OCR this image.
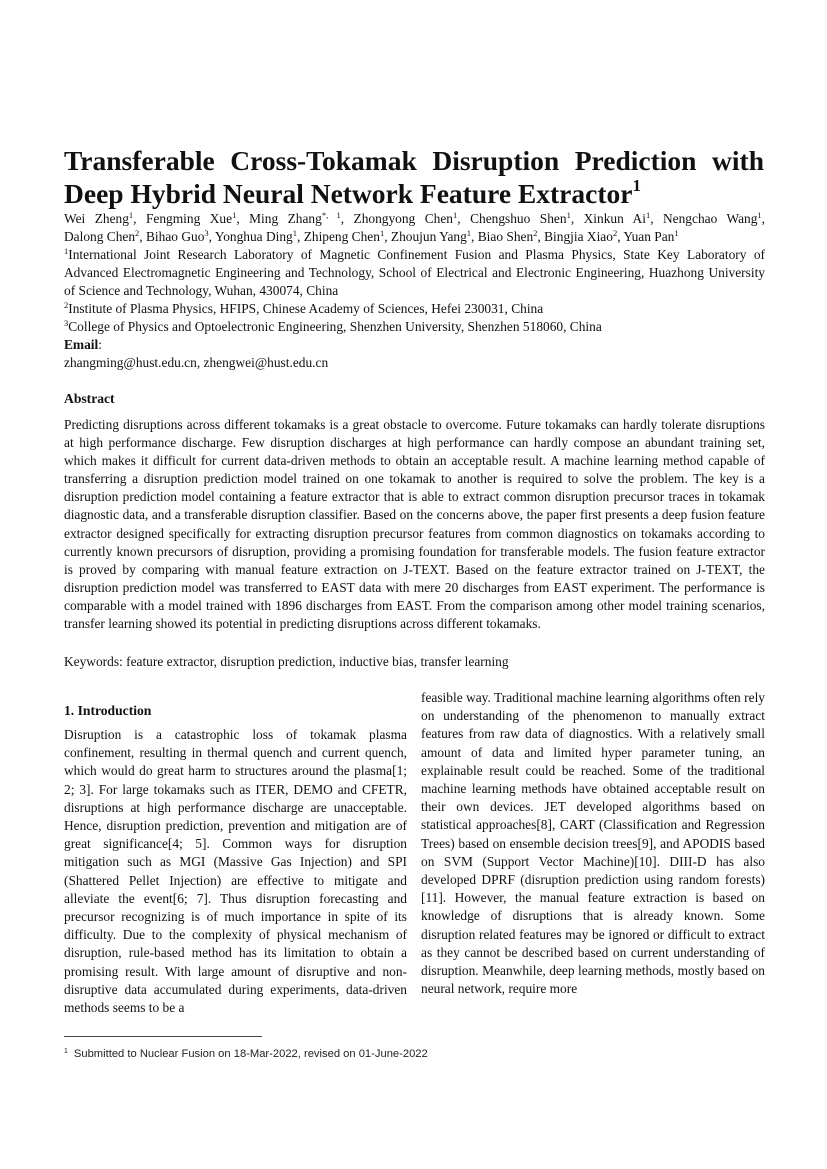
Transferable Cross-Tokamak Disruption Prediction with
Deep Hybrid Neural Network Feature Extractor$^1$

Wei Zheng$^1$, Fengming Xue$^1$, Ming Zhang$^{*, 1}$, Zhongyong Chen$^1$, Chengshuo Shen$^1$, Xinkun Ai$^1$, Nengchao Wang$^1$,

Dalong Chen$^2$, Bihao Guo$^3$, Yonghua Ding$^1$, Zhipeng Chen$^1$, Zhoujun Yang$^1$, Biao Shen$^2$, Bingjia Xiao$^2$, Yuan Pan$^1$

$^1$International Joint Research Laboratory of Magnetic Confinement Fusion and Plasma Physics, State Key Laboratory of Advanced Electromagnetic Engineering and Technology, School of Electrical and Electronic Engineering, Huazhong University of Science and Technology, Wuhan, 430074, China

$^2$Institute of Plasma Physics, HFIPS, Chinese Academy of Sciences, Hefei 230031, China

$^3$College of Physics and Optoelectronic Engineering, Shenzhen University, Shenzhen 518060, China

Email:

zhangming@hust.edu.cn, zhengwei@hust.edu.cn

Abstract

Predicting disruptions across different tokamaks is a great obstacle to overcome. Future tokamaks can hardly tolerate disruptions at high performance discharge. Few disruption discharges at high performance can hardly compose an abundant training set, which makes it difficult for current data-driven methods to obtain an acceptable result. A machine learning method capable of transferring a disruption prediction model trained on one tokamak to another is required to solve the problem. The key is a disruption prediction model containing a feature extractor that is able to extract common disruption precursor traces in tokamak diagnostic data, and a transferable disruption classifier. Based on the concerns above, the paper first presents a deep fusion feature extractor designed specifically for extracting disruption precursor features from common diagnostics on tokamaks according to currently known precursors of disruption, providing a promising foundation for transferable models. The fusion feature extractor is proved by comparing with manual feature extraction on J-TEXT. Based on the feature extractor trained on J-TEXT, the disruption prediction model was transferred to EAST data with mere 20 discharges from EAST experiment. The performance is comparable with a model trained with 1896 discharges from EAST. From the comparison among other model training scenarios, transfer learning showed its potential in predicting disruptions across different tokamaks.

Keywords: feature extractor, disruption prediction, inductive bias, transfer learning

1. Introduction

Disruption is a catastrophic loss of tokamak plasma confinement, resulting in thermal quench and current quench, which would do great harm to structures around the plasma[1; 2; 3]. For large tokamaks such as ITER, DEMO and CFETR, disruptions at high performance discharge are unacceptable. Hence, disruption prediction, prevention and mitigation are of great significance[4; 5]. Common ways for disruption mitigation such as MGI (Massive Gas Injection) and SPI (Shattered Pellet Injection) are effective to mitigate and alleviate the event[6; 7]. Thus disruption forecasting and precursor recognizing is of much importance in spite of its difficulty. Due to the complexity of physical mechanism of disruption, rule-based method has its limitation to obtain a promising result. With large amount of disruptive and non-disruptive data accumulated during experiments, data-driven methods seems to be a

feasible way. Traditional machine learning algorithms often rely on understanding of the phenomenon to manually extract features from raw data of diagnostics. With a relatively small amount of data and limited hyper parameter tuning, an explainable result could be reached. Some of the traditional machine learning methods have obtained acceptable result on their own devices. JET developed algorithms based on statistical approaches[8], CART (Classification and Regression Trees) based on ensemble decision trees[9], and APODIS based on SVM (Support Vector Machine)[10]. DIII-D has also developed DPRF (disruption prediction using random forests)[11]. However, the manual feature extraction is based on knowledge of disruptions that is already known. Some disruption related features may be ignored or difficult to extract as they cannot be described based on current understanding of disruption. Meanwhile, deep learning methods, mostly based on neural network, require more

$^1$ Submitted to Nuclear Fusion on 18-Mar-2022, revised on 01-June-2022
